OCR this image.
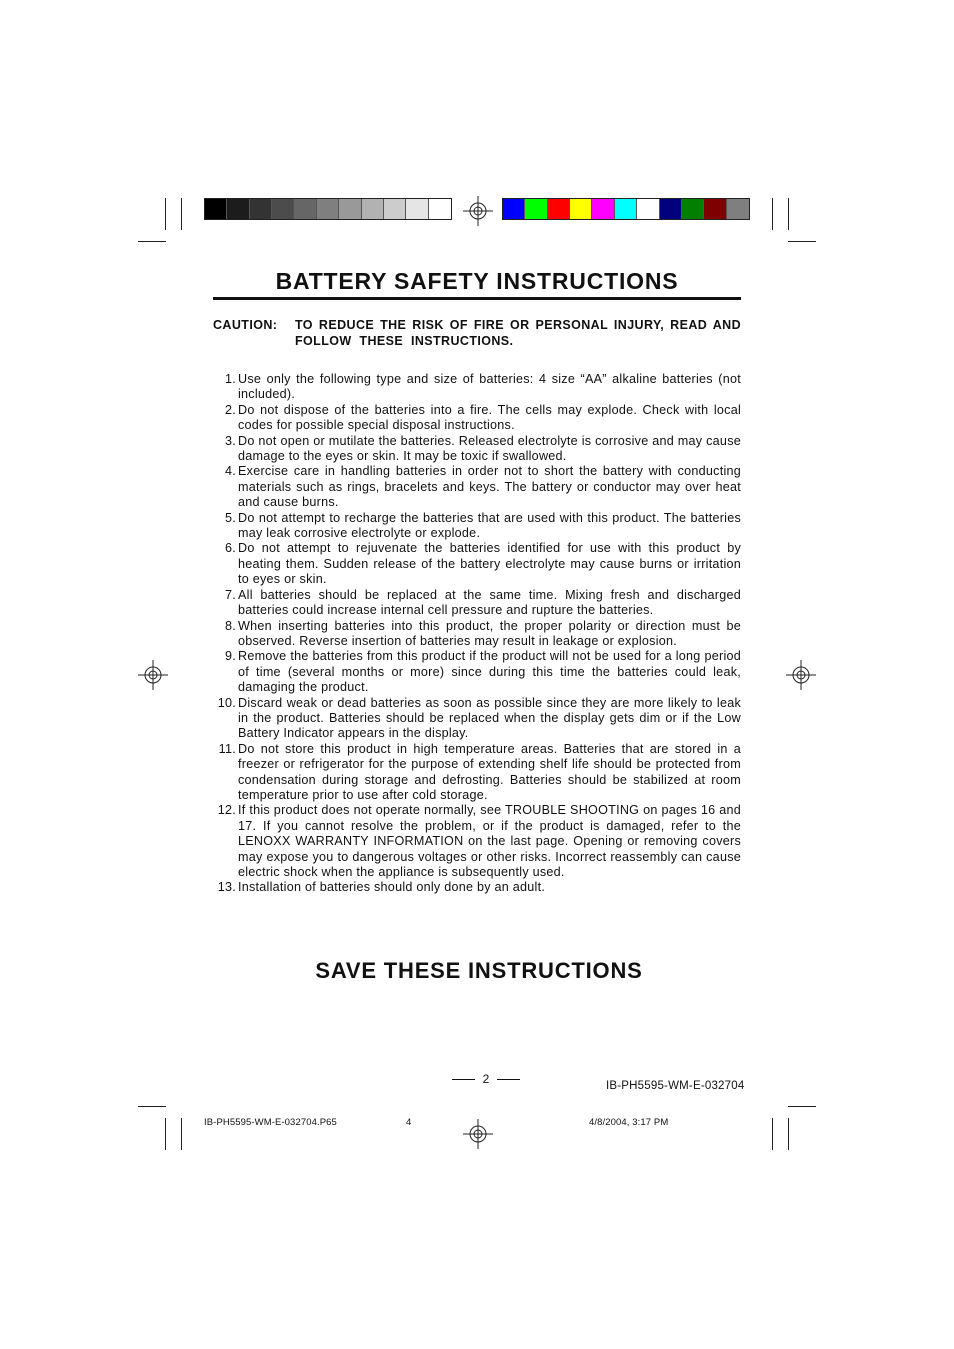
BATTERY SAFETY INSTRUCTIONS
CAUTION:	TO REDUCE THE RISK OF FIRE OR PERSONAL INJURY, READ AND
FOLLOW THESE INSTRUCTIONS.
1. Use only the following type and size of batteries: 4 size “AA” alkaline batteries (not included).
2. Do not dispose of the batteries into a fire. The cells may explode. Check with local codes for possible special disposal instructions.
3. Do not open or mutilate the batteries. Released electrolyte is corrosive and may cause damage to the eyes or skin. It may be toxic if swallowed.
4. Exercise care in handling batteries in order not to short the battery with conducting materials such as rings, bracelets and keys. The battery or conductor may over heat and cause burns.
5. Do not attempt to recharge the batteries that are used with this product. The batteries may leak corrosive electrolyte or explode.
6. Do not attempt to rejuvenate the batteries identified for use with this product by heating them. Sudden release of the battery electrolyte may cause burns or irritation to eyes or skin.
7. All batteries should be replaced at the same time. Mixing fresh and discharged batteries could increase internal cell pressure and rupture the batteries.
8. When inserting batteries into this product, the proper polarity or direction must be observed. Reverse insertion of batteries may result in leakage or explosion.
9. Remove the batteries from this product if the product will not be used for a long period of time (several months or more) since during this time the batteries could leak, damaging the product.
10. Discard weak or dead batteries as soon as possible since they are more likely to leak in the product. Batteries should be replaced when the display gets dim or if the Low Battery Indicator appears in the display.
11. Do not store this product in high temperature areas. Batteries that are stored in a freezer or refrigerator for the purpose of extending shelf life should be protected from condensation during storage and defrosting. Batteries should be stabilized at room temperature prior to use after cold storage.
12. If this product does not operate normally, see TROUBLE SHOOTING on pages 16 and 17. If you cannot resolve the problem, or if the product is damaged, refer to the LENOXX WARRANTY INFORMATION on the last page. Opening or removing covers may expose you to dangerous voltages or other risks. Incorrect reassembly can cause electric shock when the appliance is subsequently used.
13. Installation of batteries should only done by an adult.
SAVE THESE INSTRUCTIONS
2	IB-PH5595-WM-E-032704
IB-PH5595-WM-E-032704.P65	4	4/8/2004, 3:17 PM
